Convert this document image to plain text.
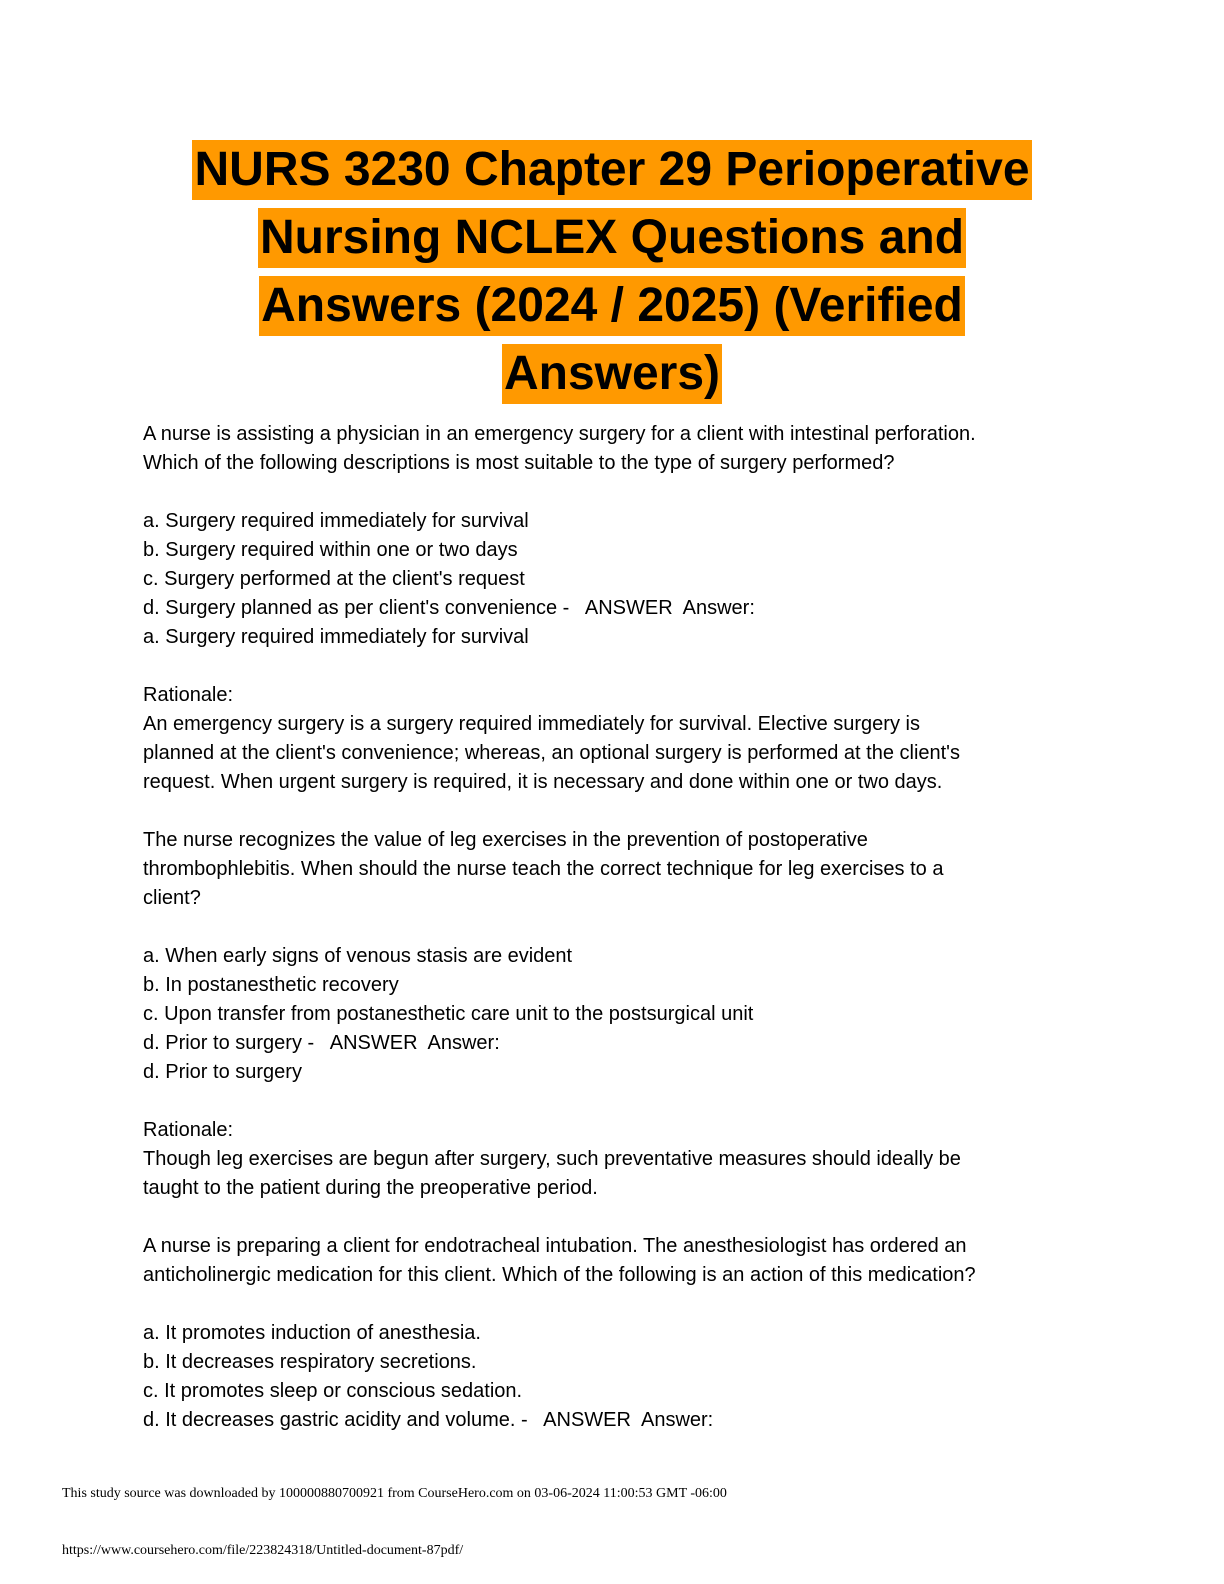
NURS 3230 Chapter 29 Perioperative
Nursing NCLEX Questions and
Answers (2024 / 2025) (Verified
Answers)
A nurse is assisting a physician in an emergency surgery for a client with intestinal perforation.
Which of the following descriptions is most suitable to the type of surgery performed?
a. Surgery required immediately for survival
b. Surgery required within one or two days
c. Surgery performed at the client's request
d. Surgery planned as per client's convenience -   ANSWER  Answer:
a. Surgery required immediately for survival
Rationale:
An emergency surgery is a surgery required immediately for survival. Elective surgery is
planned at the client's convenience; whereas, an optional surgery is performed at the client's
request. When urgent surgery is required, it is necessary and done within one or two days.
The nurse recognizes the value of leg exercises in the prevention of postoperative
thrombophlebitis. When should the nurse teach the correct technique for leg exercises to a
client?
a. When early signs of venous stasis are evident
b. In postanesthetic recovery
c. Upon transfer from postanesthetic care unit to the postsurgical unit
d. Prior to surgery -   ANSWER  Answer:
d. Prior to surgery
Rationale:
Though leg exercises are begun after surgery, such preventative measures should ideally be
taught to the patient during the preoperative period.
A nurse is preparing a client for endotracheal intubation. The anesthesiologist has ordered an
anticholinergic medication for this client. Which of the following is an action of this medication?
a. It promotes induction of anesthesia.
b. It decreases respiratory secretions.
c. It promotes sleep or conscious sedation.
d. It decreases gastric acidity and volume. -   ANSWER  Answer:
This study source was downloaded by 100000880700921 from CourseHero.com on 03-06-2024 11:00:53 GMT -06:00
https://www.coursehero.com/file/223824318/Untitled-document-87pdf/
